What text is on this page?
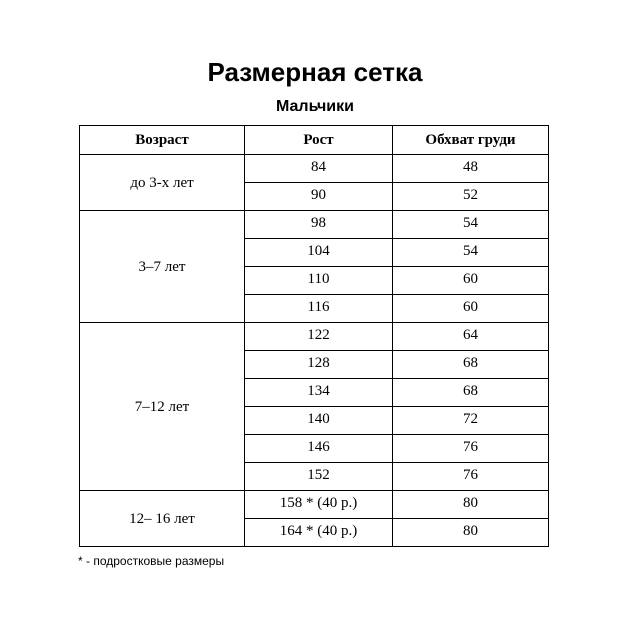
Размерная сетка
Мальчики
Возраст	Рост	Обхват груди
до 3-х лет	84	48
	90	52
3–7 лет	98	54
	104	54
	110	60
	116	60
7–12 лет	122	64
	128	68
	134	68
	140	72
	146	76
	152	76
12– 16 лет	158 * (40 р.)	80
	164 * (40 р.)	80
* - подростковые размеры
